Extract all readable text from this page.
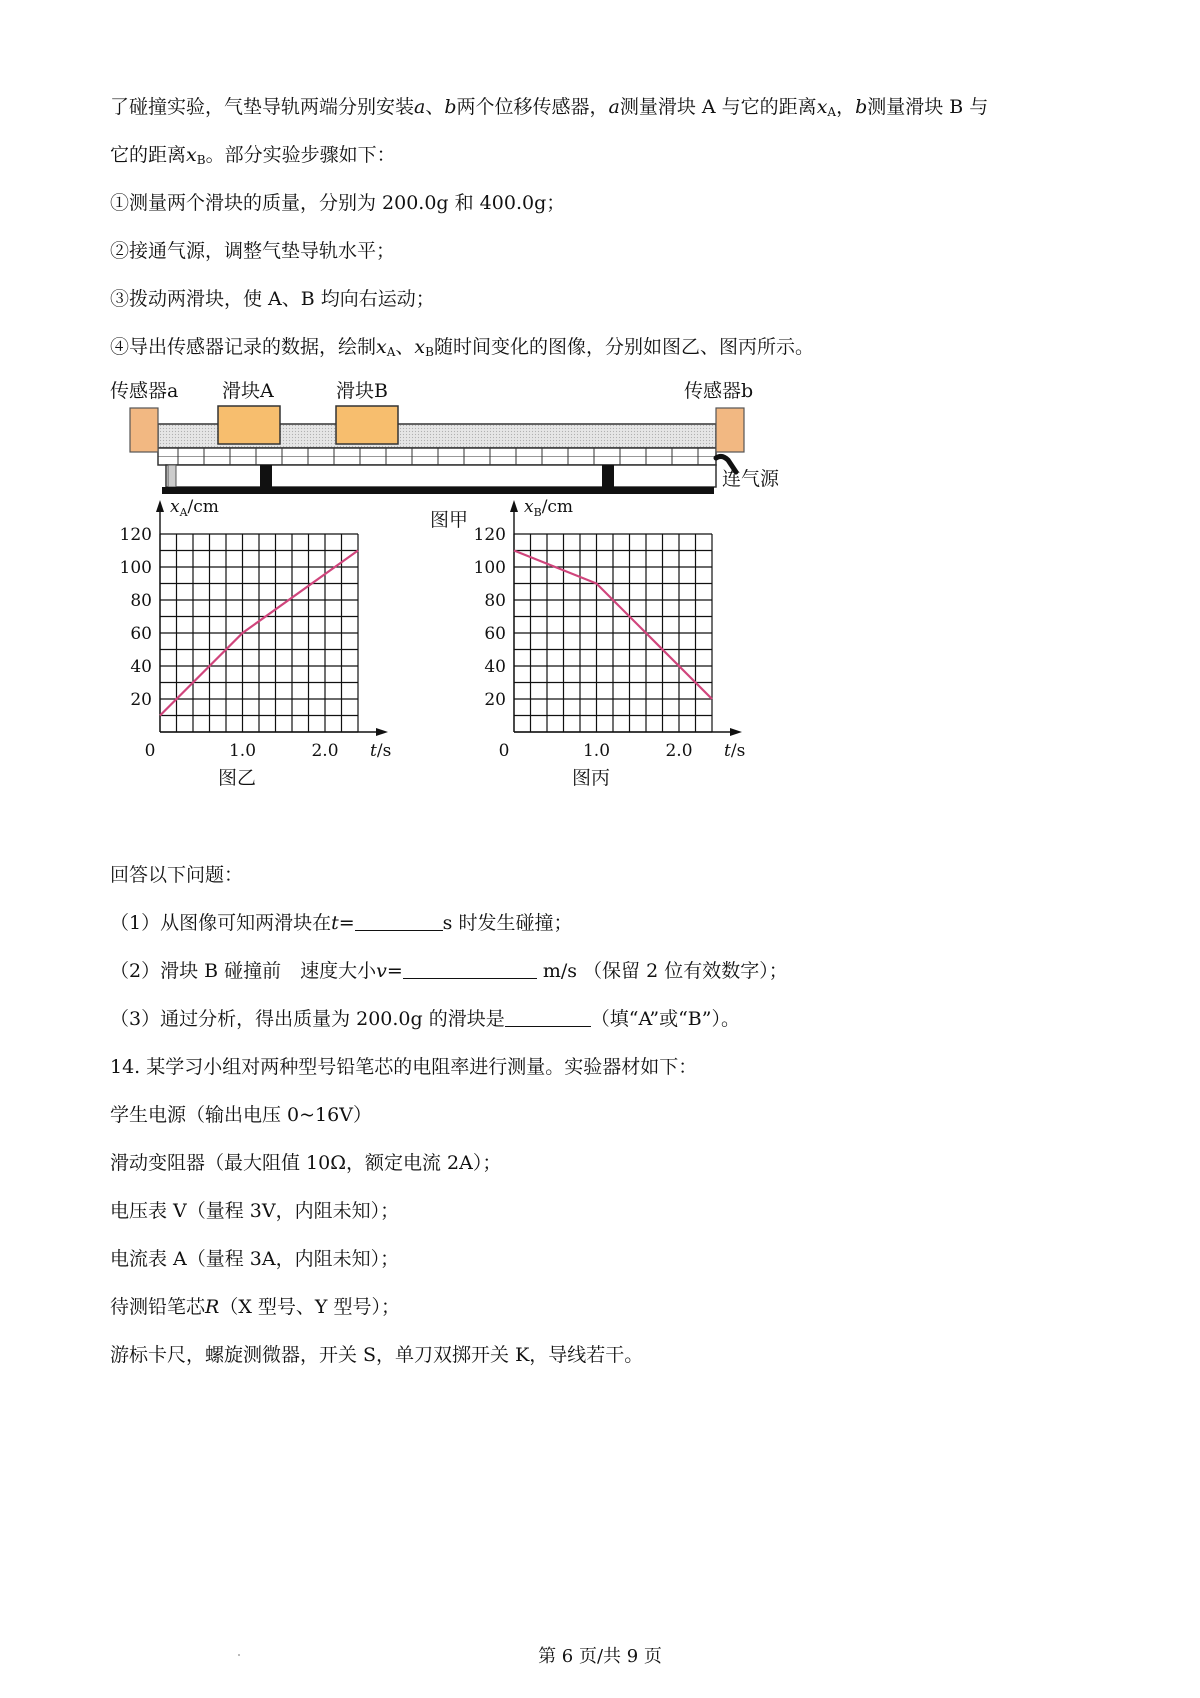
了碰撞实验，气垫导轨两端分别安装a、b两个位移传感器，a测量滑块 A 与它的距离$x_A$，b测量滑块 B 与
它的距离$x_B$。部分实验步骤如下：
①测量两个滑块的质量，分别为 200.0g 和 400.0g；
②接通气源，调整气垫导轨水平；
③拨动两滑块，使 A、B 均向右运动；
④导出传感器记录的数据，绘制$x_A$、$x_B$随时间变化的图像，分别如图乙、图丙所示。
传感器a 滑块A	滑块B	传感器b
连气源
图甲
20
40
60
80
100
120
0	1.0	2.0
$x_A/cm$
t/s
图乙
20
40
60
80
100
120
0	1.0	2.0
$x_B/cm$
t/s
图丙
回答以下问题：
（1）从图像可知两滑块在t=	s 时发生碰撞；
（2）滑块 B 碰撞前　速度大小v=	m/s （保留 2 位有效数字）；
（3）通过分析，得出质量为 200.0g 的滑块是	（填“A”或“B”）。
14. 某学习小组对两种型号铅笔芯的电阻率进行测量。实验器材如下：
学生电源（输出电压 0~16V）
滑动变阻器（最大阻值 10Ω，额定电流 2A）；
电压表 V（量程 3V，内阻未知）；
电流表 A（量程 3A，内阻未知）；
待测铅笔芯R（X 型号、Y 型号）；
游标卡尺，螺旋测微器，开关 S，单刀双掷开关 K，导线若干。
第 6 页/共 9 页
